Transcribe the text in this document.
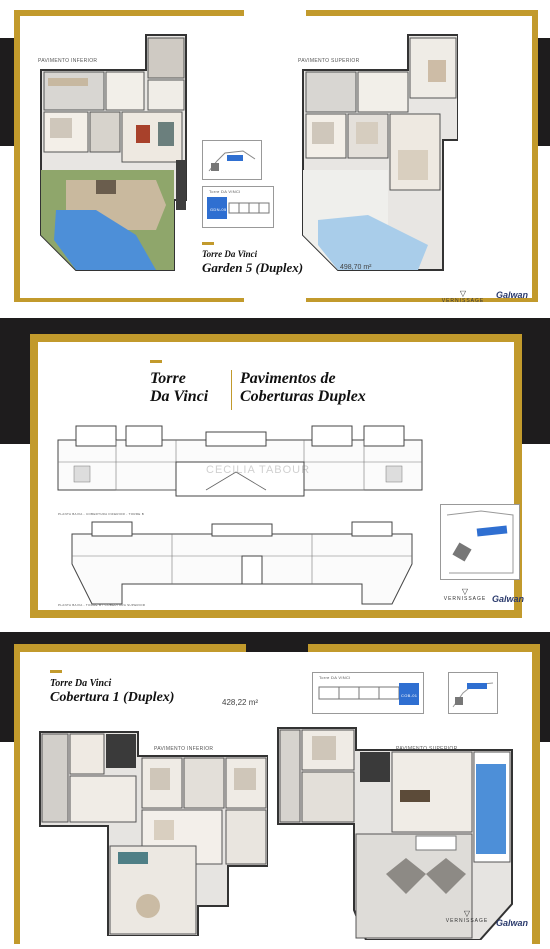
PAVIMENTO INFERIOR	PAVIMENTO SUPERIOR
Torre DA VINCI
GDN-05
Torre Da Vinci
Garden 5 (Duplex)	498,70 m²
▽
VERNISSAGE
Galwan
Torre
Da Vinci
Pavimentos de
Coberturas Duplex
PLANTA BAIXA - COBERTURA INFERIOR - TORRE B
PLANTA BAIXA - TORRE B / COBERTURA SUPERIOR
CECILIA TABOUR
▽
VERNISSAGE Galwan
Torre Da Vinci
Cobertura 1 (Duplex)	428,22 m²
Torre DA VINCI
COB-01
PAVIMENTO INFERIOR
▽
VERNISSAGE Galwan
